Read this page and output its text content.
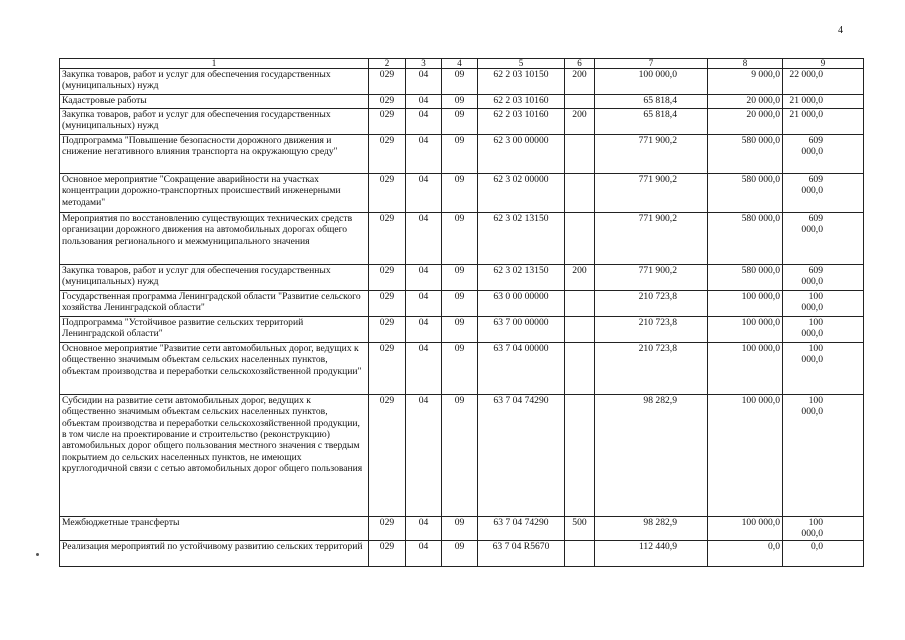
4
1	2	3	4	5	6	7	8	9
Закупка товаров, работ и услуг для обеспечения государственных (муниципальных) нужд	029	04	09	62 2 03 10150	200	100 000,0	9 000,0	22 000,0
Кадастровые работы	029	04	09	62 2 03 10160		65 818,4	20 000,0	21 000,0
Закупка товаров, работ и услуг для обеспечения государственных (муниципальных) нужд	029	04	09	62 2 03 10160	200	65 818,4	20 000,0	21 000,0
Подпрограмма "Повышение безопасности дорожного движения и снижение негативного влияния транспорта на окружающую среду"	029	04	09	62 3 00 00000		771 900,2	580 000,0	609 000,0
Основное мероприятие "Сокращение аварийности на участках концентрации дорожно-транспортных происшествий инженерными методами"	029	04	09	62 3 02 00000		771 900,2	580 000,0	609 000,0
Мероприятия по восстановлению существующих технических средств организации дорожного движения на автомобильных дорогах общего пользования регионального и межмуниципального значения	029	04	09	62 3 02 13150		771 900,2	580 000,0	609 000,0
Закупка товаров, работ и услуг для обеспечения государственных (муниципальных) нужд	029	04	09	62 3 02 13150	200	771 900,2	580 000,0	609 000,0
Государственная программа Ленинградской области "Развитие сельского хозяйства Ленинградской области"	029	04	09	63 0 00 00000		210 723,8	100 000,0	100 000,0
Подпрограмма "Устойчивое развитие сельских территорий Ленинградской области"	029	04	09	63 7 00 00000		210 723,8	100 000,0	100 000,0
Основное мероприятие "Развитие сети автомобильных дорог, ведущих к общественно значимым объектам сельских населенных пунктов, объектам производства и переработки сельскохозяйственной продукции"	029	04	09	63 7 04 00000		210 723,8	100 000,0	100 000,0
Субсидии на развитие сети автомобильных дорог, ведущих к общественно значимым объектам сельских населенных пунктов, объектам производства и переработки сельскохозяйственной продукции, в том числе на проектирование и строительство (реконструкцию) автомобильных дорог общего пользования местного значения с твердым покрытием до сельских населенных пунктов, не имеющих круглогодичной связи с сетью автомобильных дорог общего пользования	029	04	09	63 7 04 74290		98 282,9	100 000,0	100 000,0
Межбюджетные трансферты	029	04	09	63 7 04 74290	500	98 282,9	100 000,0	100 000,0
Реализация мероприятий по устойчивому развитию сельских территорий	029	04	09	63 7 04 R5670		112 440,9	0,0	0,0
